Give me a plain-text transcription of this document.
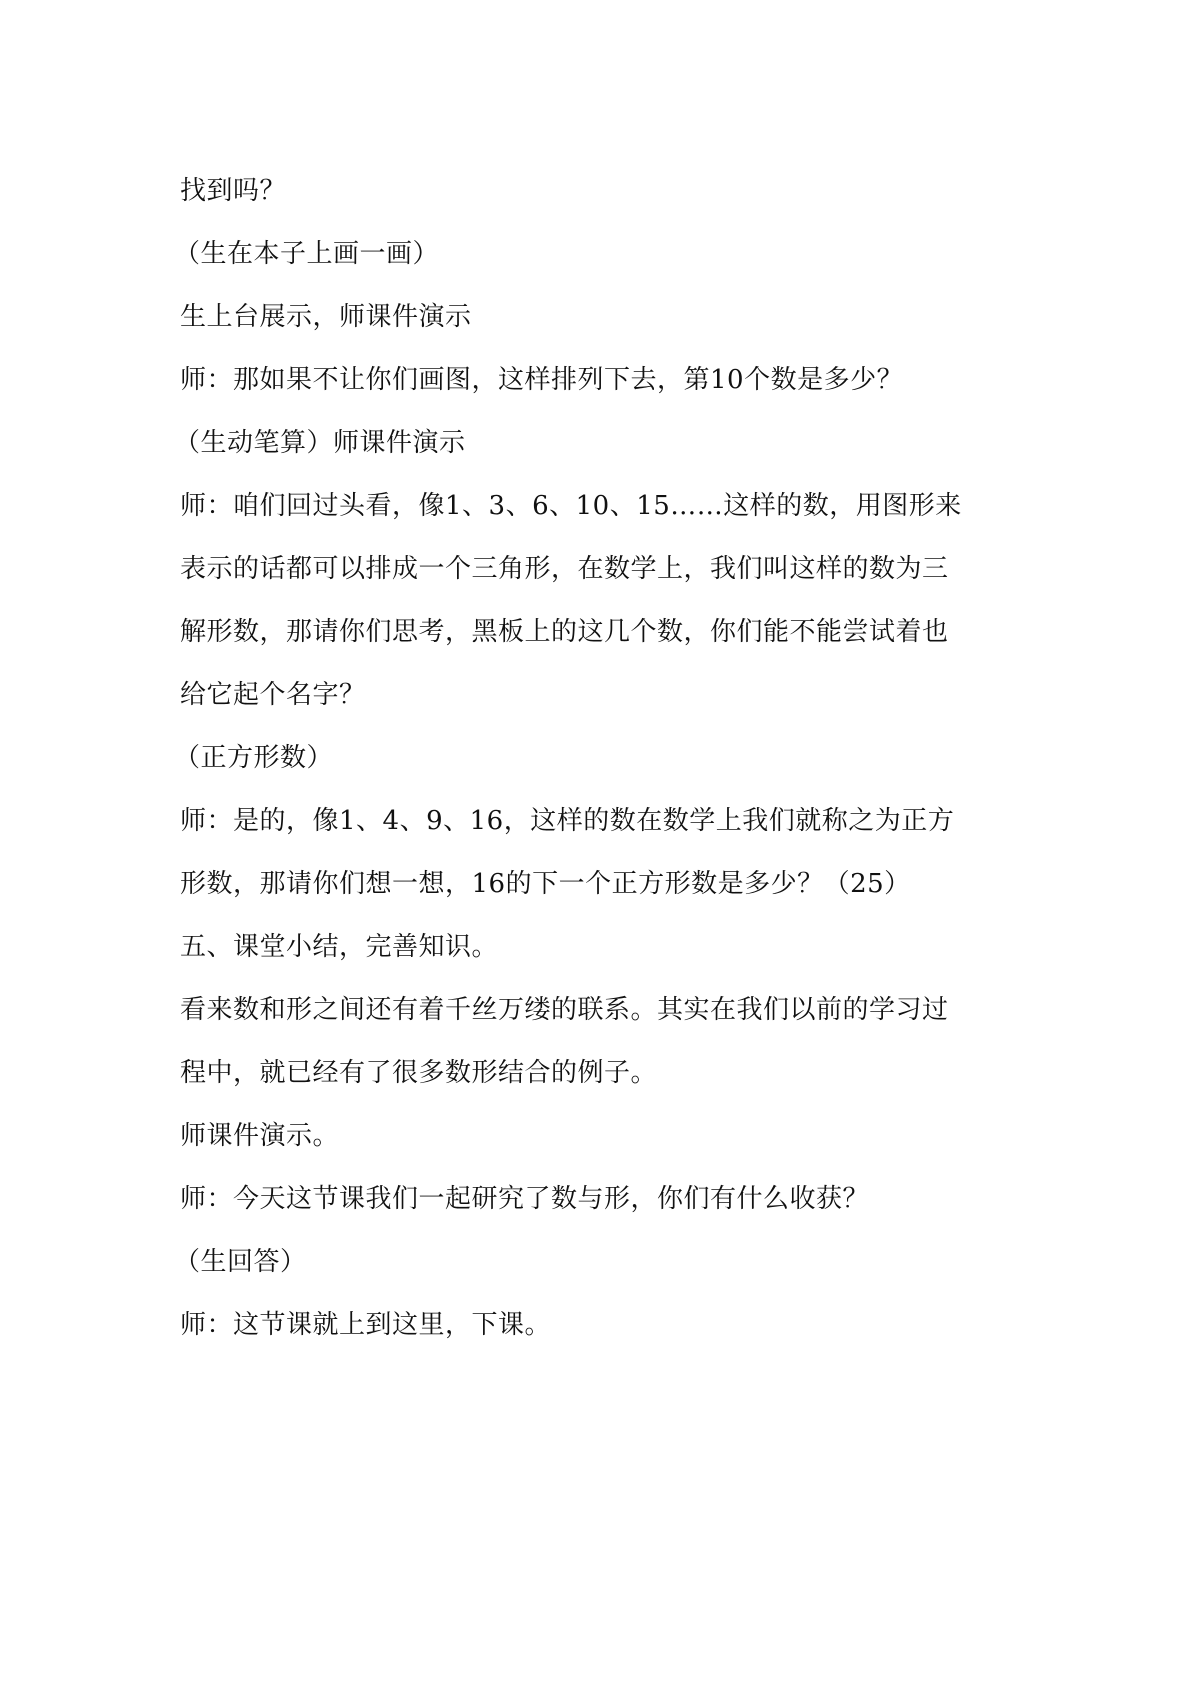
找到吗？
（生在本子上画一画）
生上台展示，师课件演示
师：那如果不让你们画图，这样排列下去，第10个数是多少？
（生动笔算）师课件演示
师：咱们回过头看，像1、3、6、10、15……这样的数，用图形来
表示的话都可以排成一个三角形，在数学上，我们叫这样的数为三
解形数，那请你们思考，黑板上的这几个数，你们能不能尝试着也
给它起个名字？
（正方形数）
师：是的，像1、4、9、16，这样的数在数学上我们就称之为正方
形数，那请你们想一想，16的下一个正方形数是多少？（25）
五、课堂小结，完善知识。
看来数和形之间还有着千丝万缕的联系。其实在我们以前的学习过
程中，就已经有了很多数形结合的例子。
师课件演示。
师：今天这节课我们一起研究了数与形，你们有什么收获？
（生回答）
师：这节课就上到这里，下课。
